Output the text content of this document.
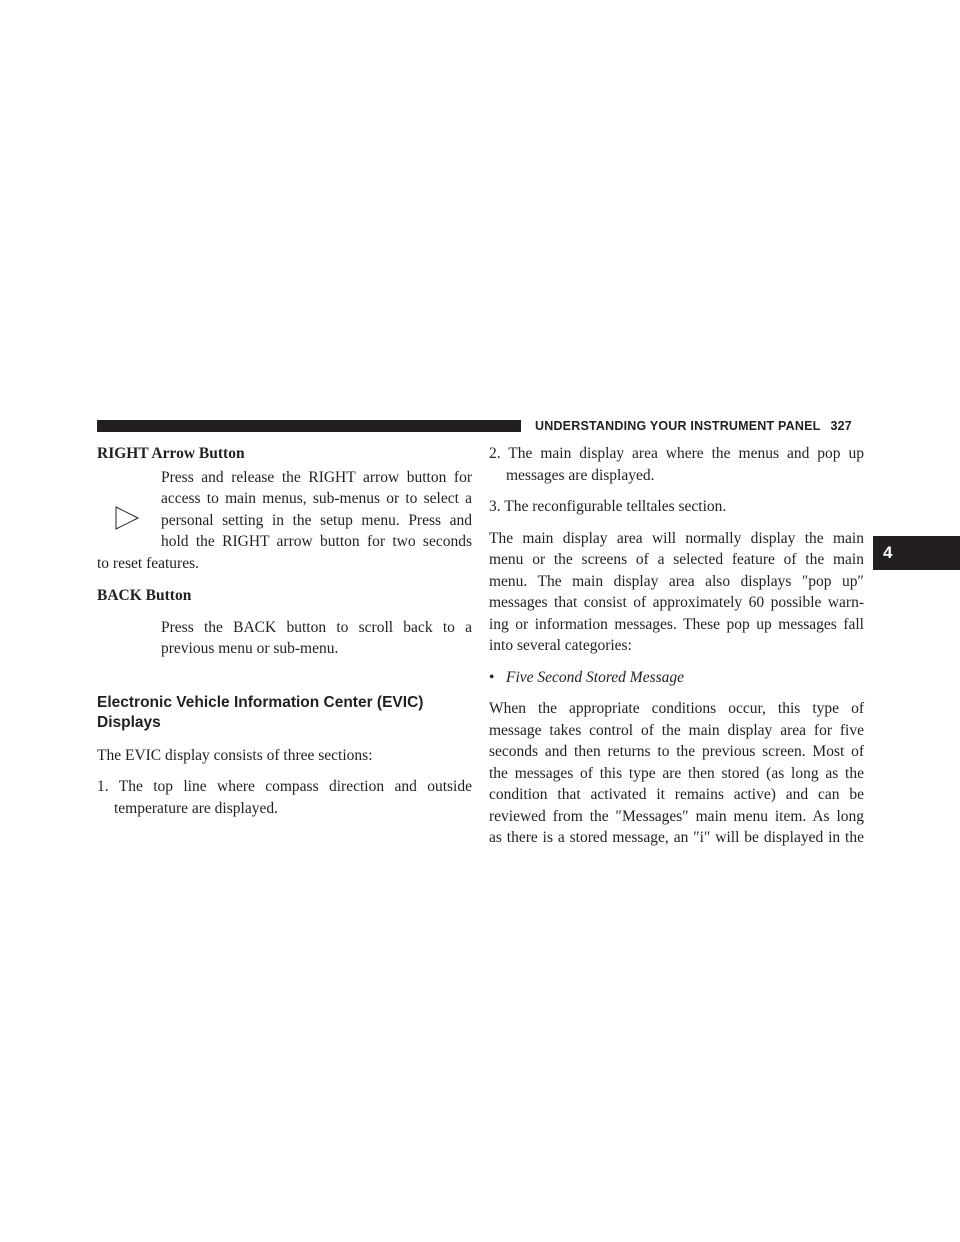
UNDERSTANDING YOUR INSTRUMENT PANEL 327
4

RIGHT Arrow Button

Press and release the RIGHT arrow button for
access to main menus, sub-menus or to select a
personal setting in the setup menu. Press and
hold the RIGHT arrow button for two seconds
to reset features.

BACK Button

Press the BACK button to scroll back to a
previous menu or sub-menu.
Electronic Vehicle Information Center (EVIC)
Displays

The EVIC display consists of three sections:

1. The top line where compass direction and outside
temperature are displayed.
2. The main display area where the menus and pop up
messages are displayed.

3. The reconfigurable telltales section.

The main display area will normally display the main
menu or the screens of a selected feature of the main
menu. The main display area also displays ″pop up″
messages that consist of approximately 60 possible warn-
ing or information messages. These pop up messages fall
into several categories:
• Five Second Stored Message
When the appropriate conditions occur, this type of
message takes control of the main display area for five
seconds and then returns to the previous screen. Most of
the messages of this type are then stored (as long as the
condition that activated it remains active) and can be
reviewed from the ″Messages″ main menu item. As long
as there is a stored message, an ″i″ will be displayed in the
